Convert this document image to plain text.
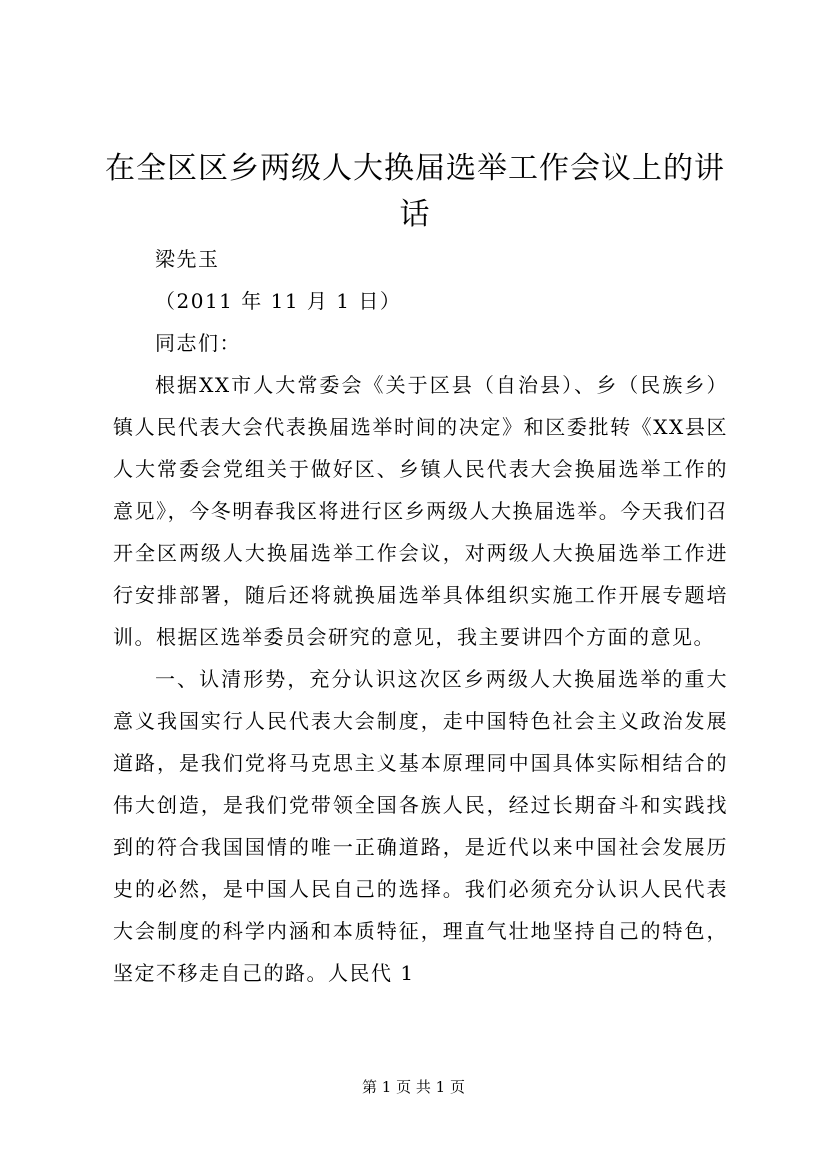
在全区区乡两级人大换届选举工作会议上的讲话

梁先玉

（2011 年 11 月 1 日）

同志们：

根据XX市人大常委会《关于区县（自治县）、乡（民族乡）镇人民代表大会代表换届选举时间的决定》和区委批转《XX县区人大常委会党组关于做好区、乡镇人民代表大会换届选举工作的意见》，今冬明春我区将进行区乡两级人大换届选举。今天我们召开全区两级人大换届选举工作会议，对两级人大换届选举工作进行安排部署，随后还将就换届选举具体组织实施工作开展专题培训。根据区选举委员会研究的意见，我主要讲四个方面的意见。

一、认清形势，充分认识这次区乡两级人大换届选举的重大意义我国实行人民代表大会制度，走中国特色社会主义政治发展道路，是我们党将马克思主义基本原理同中国具体实际相结合的伟大创造，是我们党带领全国各族人民，经过长期奋斗和实践找到的符合我国国情的唯一正确道路，是近代以来中国社会发展历史的必然，是中国人民自己的选择。我们必须充分认识人民代表大会制度的科学内涵和本质特征，理直气壮地坚持自己的特色，坚定不移走自己的路。人民代 1

第 1 页 共 1 页
